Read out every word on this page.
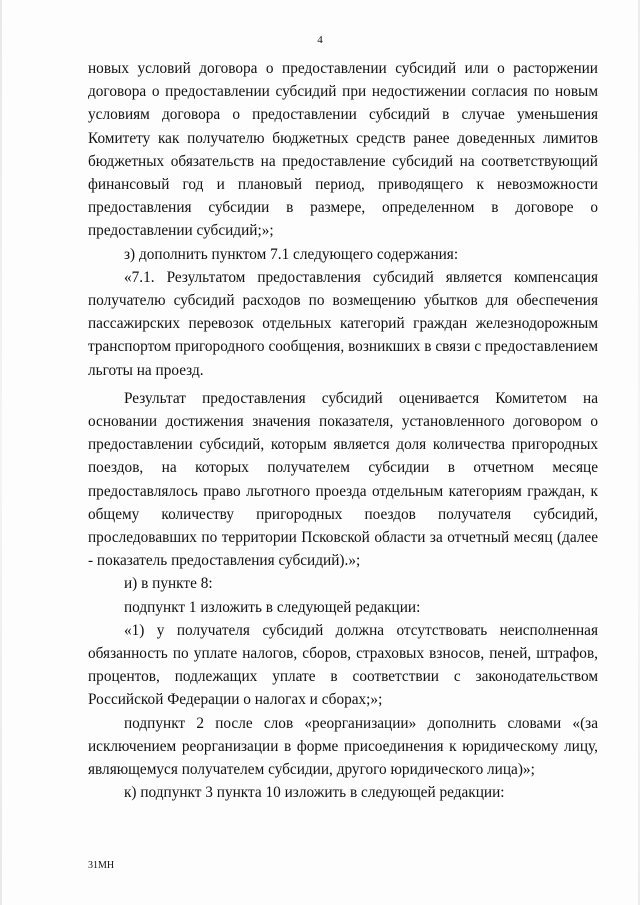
4

новых условий договора о предоставлении субсидий или о расторжении договора о предоставлении субсидий при недостижении согласия по новым условиям договора о предоставлении субсидий в случае уменьшения Комитету как получателю бюджетных средств ранее доведенных лимитов бюджетных обязательств на предоставление субсидий на соответствующий финансовый год и плановый период, приводящего к невозможности предоставления субсидии в размере, определенном в договоре о предоставлении субсидий;»;

з) дополнить пунктом 7.1 следующего содержания:

«7.1. Результатом предоставления субсидий является компенсация получателю субсидий расходов по возмещению убытков для обеспечения пассажирских перевозок отдельных категорий граждан железнодорожным транспортом пригородного сообщения, возникших в связи с предоставлением льготы на проезд.

Результат предоставления субсидий оценивается Комитетом на основании достижения значения показателя, установленного договором о предоставлении субсидий, которым является доля количества пригородных поездов, на которых получателем субсидии в отчетном месяце предоставлялось право льготного проезда отдельным категориям граждан, к общему количеству пригородных поездов получателя субсидий, проследовавших по территории Псковской области за отчетный месяц (далее - показатель предоставления субсидий).»;

и) в пункте 8:

подпункт 1 изложить в следующей редакции:

«1) у получателя субсидий должна отсутствовать неисполненная обязанность по уплате налогов, сборов, страховых взносов, пеней, штрафов, процентов, подлежащих уплате в соответствии с законодательством Российской Федерации о налогах и сборах;»;

подпункт 2 после слов «реорганизации» дополнить словами «(за исключением реорганизации в форме присоединения к юридическому лицу, являющемуся получателем субсидии, другого юридического лица)»;

к) подпункт 3 пункта 10 изложить в следующей редакции:

31МН
